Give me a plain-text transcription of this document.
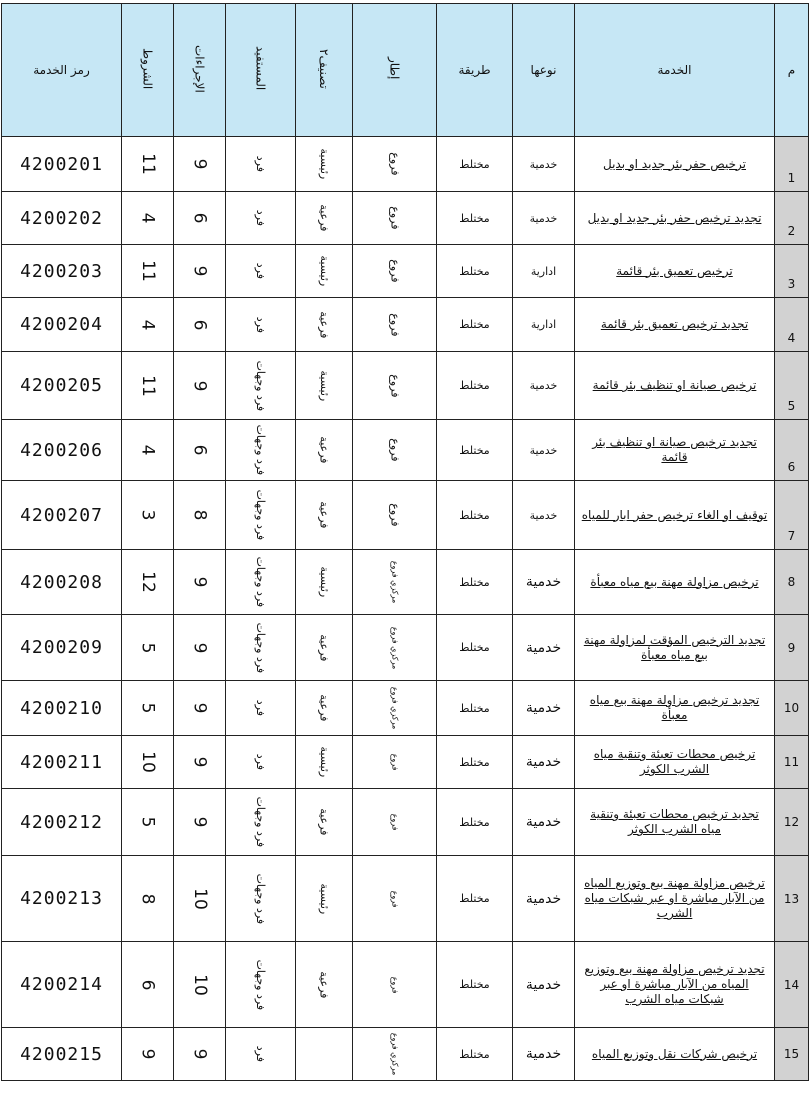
رمز الخدمة	الشروط	الإجراءات	المستفيد	تصنيف٢	إطار	طريقة	نوعها	الخدمة	م
4200201	11	9	فرد	رئيسية	فروع	مختلط	خدمية	ترخيص حفر بئر جديد او بديل	1
4200202	4	6	فرد	فرعية	فروع	مختلط	خدمية	تجديد ترخيص حفر بئر جديد او بديل	2
4200203	11	9	فرد	رئيسية	فروع	مختلط	ادارية	ترخيص تعميق بئر قائمة	3
4200204	4	6	فرد	فرعية	فروع	مختلط	ادارية	تجديد ترخيص تعميق بئر قائمة	4
4200205	11	9	فرد وجهات	رئيسية	فروع	مختلط	خدمية	ترخيص صيانة او تنظيف بئر قائمة	5
4200206	4	6	فرد وجهات	فرعية	فروع	مختلط	خدمية	تجديد ترخيص صيانة او تنظيف بئر قائمة	6
4200207	3	8	فرد وجهات	فرعية	فروع	مختلط	خدمية	توقيف او الغاء ترخيص حفر ابار للمياه	7
4200208	12	9	فرد وجهات	رئيسية	مركزي فروع	مختلط	خدمية	ترخيص مزاولة مهنة بيع مياه معبأة	8
4200209	5	9	فرد وجهات	فرعية	مركزي فروع	مختلط	خدمية	تجديد الترخيص المؤقت لمزاولة مهنة بيع مياه معبأة	9
4200210	5	9	فرد	فرعية	مركزي فروع	مختلط	خدمية	تجديد ترخيص مزاولة مهنة بيع مياه معبأة	10
4200211	10	9	فرد	رئيسية	فروع	مختلط	خدمية	ترخيص محطات تعبئة وتنقية مياه الشرب الكوثر	11
4200212	5	9	فرد وجهات	فرعية	فروع	مختلط	خدمية	تجديد ترخيص محطات تعبئة وتنقية مياه الشرب الكوثر	12
4200213	8	10	فرد وجهات	رئيسية	فروع	مختلط	خدمية	ترخيص مزاولة مهنة بيع وتوزيع المياه من الآبار مباشرة او عبر شبكات مياه الشرب	13
4200214	6	10	فرد وجهات	فرعية	فروع	مختلط	خدمية	تجديد ترخيص مزاولة مهنة بيع وتوزيع المياه من الآبار مباشرة او عبر شبكات مياه الشرب	14
4200215	9	9	فرد		مركزي فروع	مختلط	خدمية	ترخيص شركات نقل وتوزيع المياه	15
